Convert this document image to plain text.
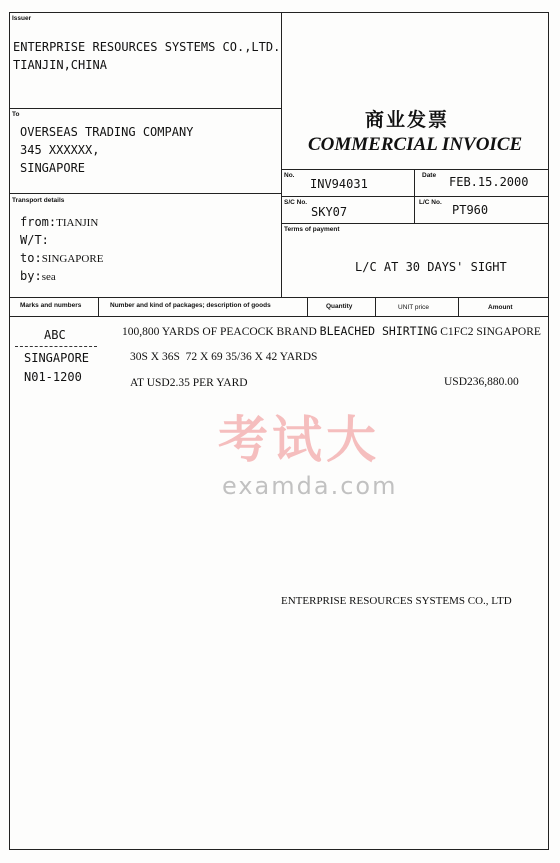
Issuer
ENTERPRISE RESOURCES SYSTEMS CO.,LTD.
TIANJIN,CHINA
商业发票
COMMERCIAL INVOICE
To
OVERSEAS TRADING COMPANY
345 XXXXXX,
SINGAPORE
No.
INV94031
Date FEB.15.2000
S/C No.
SKY07
L/C No.
PT960
Transport details
from:TIANJIN
W/T:
to:SINGAPORE
by:sea
Terms of payment
L/C AT 30 DAYS' SIGHT
Marks and numbers	Number and kind of packages; description of goods	Quantity	UNIT price	Amount
ABC
SINGAPORE
N01-1200
100,800 YARDS OF PEACOCK BRAND BLEACHED SHIRTING C1FC2 SINGAPORE
30S X 36S  72 X 69 35/36 X 42 YARDS
AT USD2.35 PER YARD	USD236,880.00
考试大
examda.com
ENTERPRISE RESOURCES SYSTEMS CO., LTD
